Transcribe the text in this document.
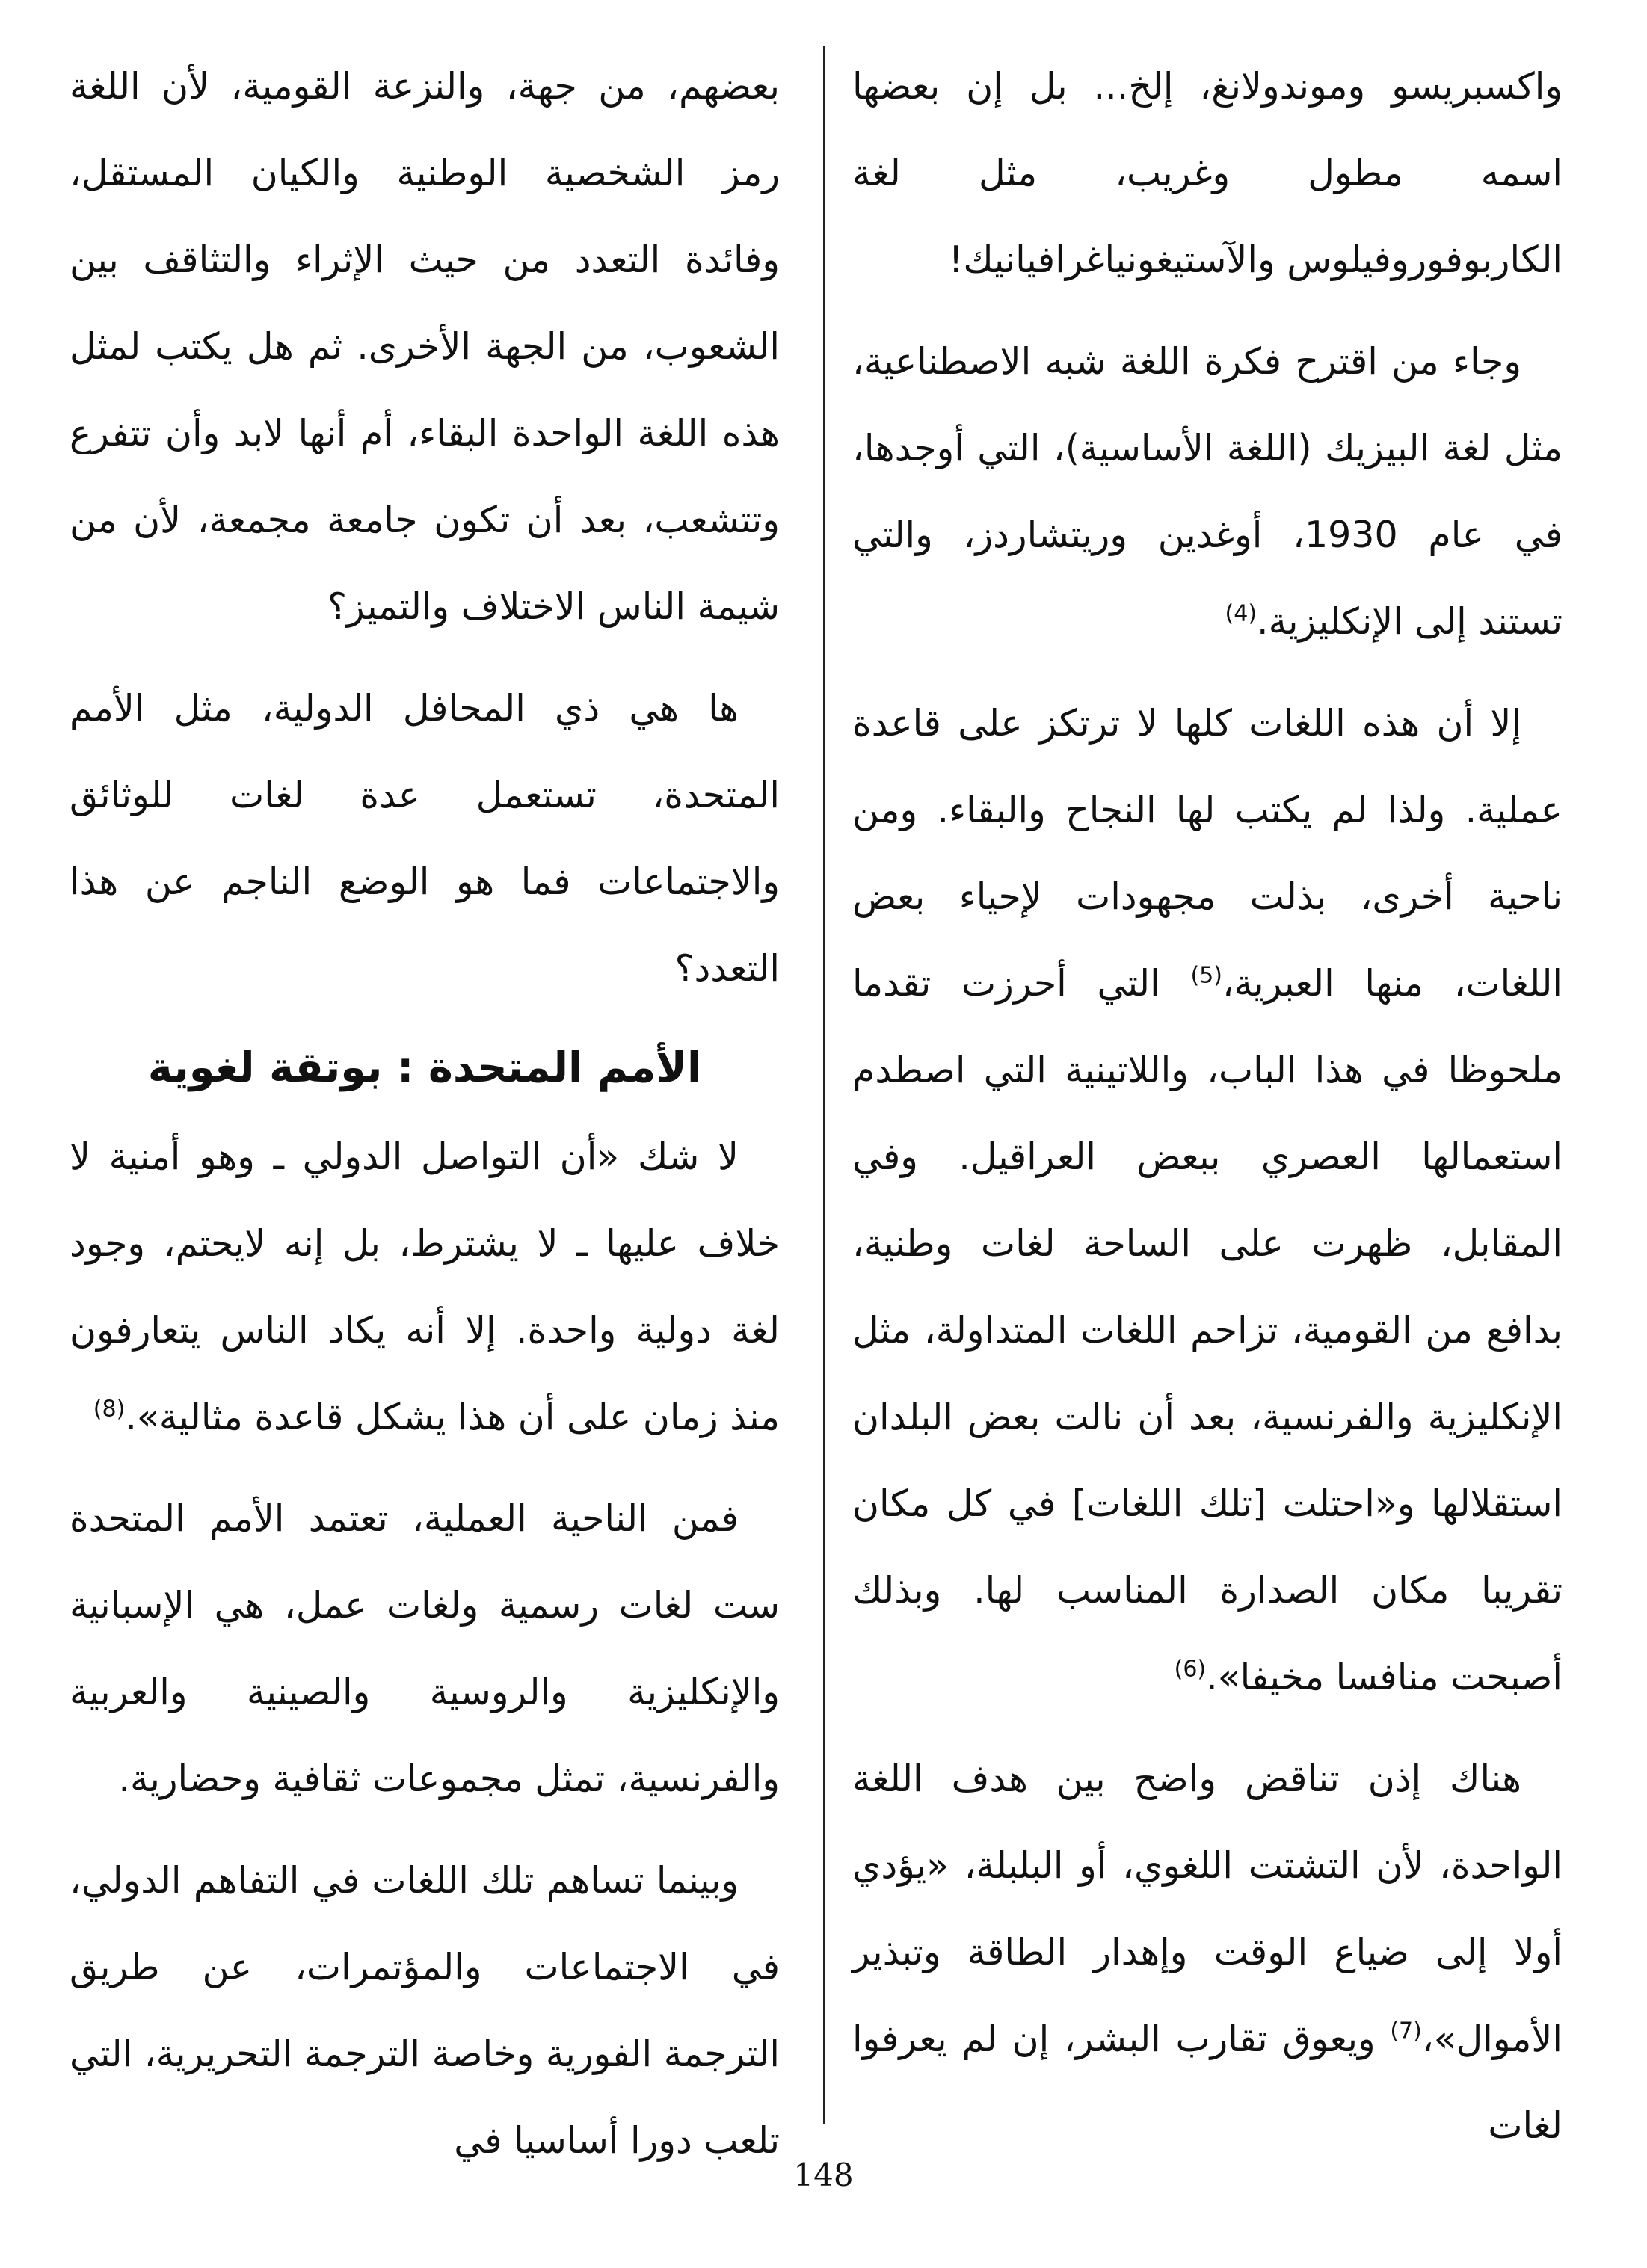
واكسبريسو وموندولانغ، إلخ... بل إن بعضها اسمه مطول وغريب، مثل لغة الكاربوفوروفيلوس والآستيغونياغرافيانيك!

وجاء من اقترح فكرة اللغة شبه الاصطناعية، مثل لغة البيزيك (اللغة الأساسية)، التي أوجدها، في عام 1930، أوغدين وريتشاردز، والتي تستند إلى الإنكليزية.$^{(4)}$

إلا أن هذه اللغات كلها لا ترتكز على قاعدة عملية. ولذا لم يكتب لها النجاح والبقاء. ومن ناحية أخرى، بذلت مجهودات لإحياء بعض اللغات، منها العبرية،$^{(5)}$ التي أحرزت تقدما ملحوظا في هذا الباب، واللاتينية التي اصطدم استعمالها العصري ببعض العراقيل. وفي المقابل، ظهرت على الساحة لغات وطنية، بدافع من القومية، تزاحم اللغات المتداولة، مثل الإنكليزية والفرنسية، بعد أن نالت بعض البلدان استقلالها و«احتلت [تلك اللغات] في كل مكان تقريبا مكان الصدارة المناسب لها. وبذلك أصبحت منافسا مخيفا».$^{(6)}$

هناك إذن تناقض واضح بين هدف اللغة الواحدة، لأن التشتت اللغوي، أو البلبلة، «يؤدي أولا إلى ضياع الوقت وإهدار الطاقة وتبذير الأموال»،$^{(7)}$ ويعوق تقارب البشر، إن لم يعرفوا لغات

بعضهم، من جهة، والنزعة القومية، لأن اللغة رمز الشخصية الوطنية والكيان المستقل، وفائدة التعدد من حيث الإثراء والتثاقف بين الشعوب، من الجهة الأخرى. ثم هل يكتب لمثل هذه اللغة الواحدة البقاء، أم أنها لابد وأن تتفرع وتتشعب، بعد أن تكون جامعة مجمعة، لأن من شيمة الناس الاختلاف والتميز؟

ها هي ذي المحافل الدولية، مثل الأمم المتحدة، تستعمل عدة لغات للوثائق والاجتماعات فما هو الوضع الناجم عن هذا التعدد؟

الأمم المتحدة : بوتقة لغوية

لا شك «أن التواصل الدولي ـ وهو أمنية لا خلاف عليها ـ لا يشترط، بل إنه لايحتم، وجود لغة دولية واحدة. إلا أنه يكاد الناس يتعارفون منذ زمان على أن هذا يشكل قاعدة مثالية».$^{(8)}$

فمن الناحية العملية، تعتمد الأمم المتحدة ست لغات رسمية ولغات عمل، هي الإسبانية والإنكليزية والروسية والصينية والعربية والفرنسية، تمثل مجموعات ثقافية وحضارية.

وبينما تساهم تلك اللغات في التفاهم الدولي، في الاجتماعات والمؤتمرات، عن طريق الترجمة الفورية وخاصة الترجمة التحريرية، التي تلعب دورا أساسيا في

148
